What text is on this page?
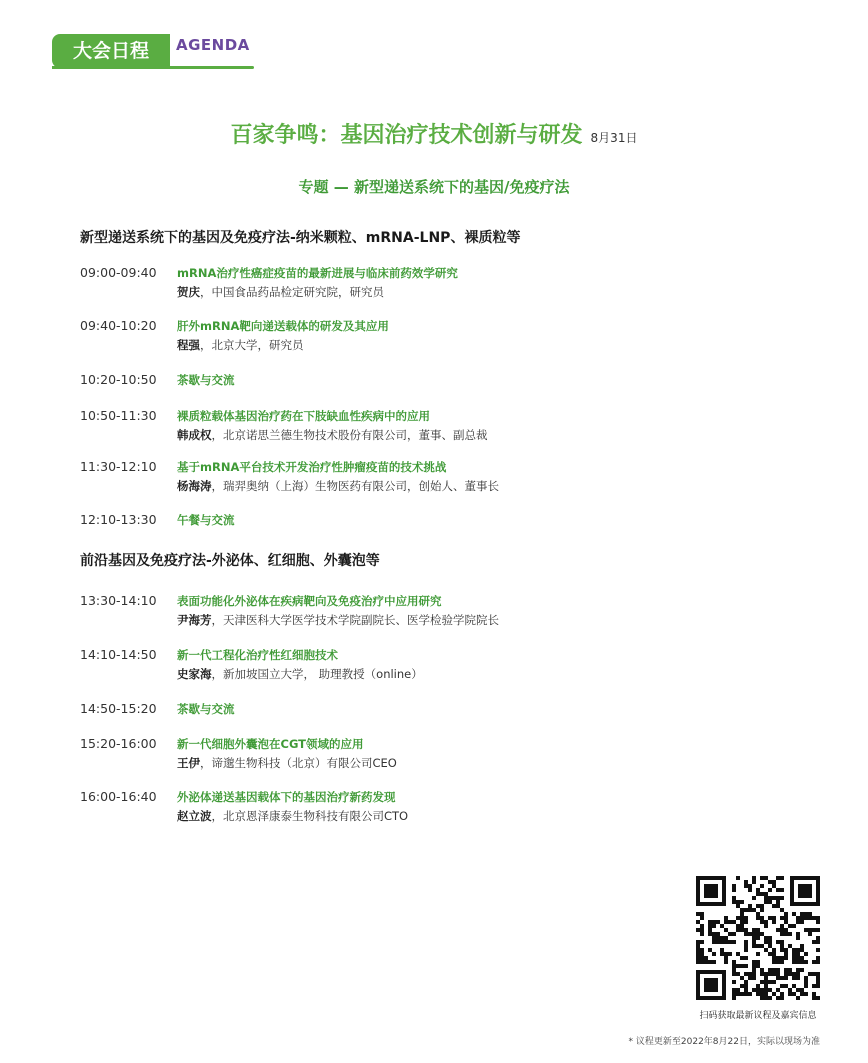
大会日程	AGENDA
百家争鸣：基因治疗技术创新与研发 8月31日
专题 — 新型递送系统下的基因/免疫疗法
新型递送系统下的基因及免疫疗法-纳米颗粒、mRNA-LNP、裸质粒等
09:00-09:40 mRNA治疗性癌症疫苗的最新进展与临床前药效学研究
贺庆，中国食品药品检定研究院，研究员
09:40-10:20 肝外mRNA靶向递送载体的研发及其应用
程强，北京大学，研究员
10:20-10:50 茶歇与交流
10:50-11:30 裸质粒载体基因治疗药在下肢缺血性疾病中的应用
韩成权，北京诺思兰德生物技术股份有限公司，董事、副总裁
11:30-12:10 基于mRNA平台技术开发治疗性肿瘤疫苗的技术挑战
杨海涛，瑞羿奥纳（上海）生物医药有限公司，创始人、董事长
12:10-13:30 午餐与交流
前沿基因及免疫疗法-外泌体、红细胞、外囊泡等
13:30-14:10 表面功能化外泌体在疾病靶向及免疫治疗中应用研究
尹海芳，天津医科大学医学技术学院副院长、医学检验学院院长
14:10-14:50 新一代工程化治疗性红细胞技术
史家海，新加坡国立大学， 助理教授（online）
14:50-15:20 茶歇与交流
15:20-16:00 新一代细胞外囊泡在CGT领域的应用
王伊，谛邈生物科技（北京）有限公司CEO
16:00-16:40 外泌体递送基因载体下的基因治疗新药发现
赵立波，北京恩泽康泰生物科技有限公司CTO
扫码获取最新议程及嘉宾信息
* 议程更新至2022年8月22日，实际以现场为准
